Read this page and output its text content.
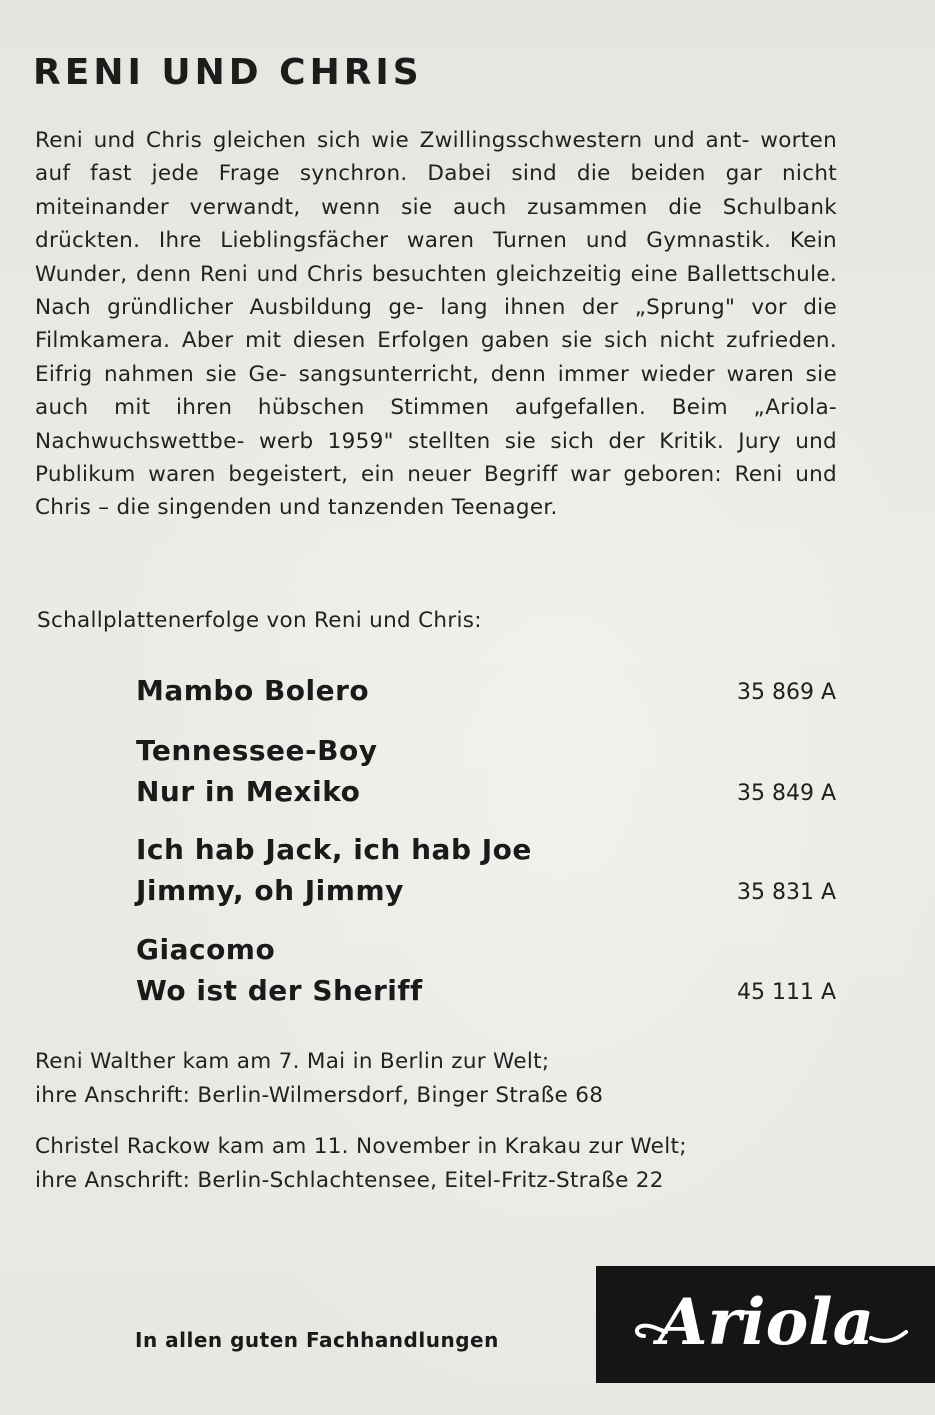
RENI UND CHRIS

Reni und Chris gleichen sich wie Zwillingsschwestern und ant- worten auf fast jede Frage synchron. Dabei sind die beiden gar nicht miteinander verwandt, wenn sie auch zusammen die Schulbank drückten. Ihre Lieblingsfächer waren Turnen und Gymnastik. Kein Wunder, denn Reni und Chris besuchten gleichzeitig eine Ballettschule. Nach gründlicher Ausbildung ge- lang ihnen der „Sprung" vor die Filmkamera. Aber mit diesen Erfolgen gaben sie sich nicht zufrieden. Eifrig nahmen sie Ge- sangsunterricht, denn immer wieder waren sie auch mit ihren hübschen Stimmen aufgefallen. Beim „Ariola-Nachwuchswettbe- werb 1959" stellten sie sich der Kritik. Jury und Publikum waren begeistert, ein neuer Begriff war geboren: Reni und Chris – die singenden und tanzenden Teenager.

Schallplattenerfolge von Reni und Chris:

Mambo Bolero	35 869 A
Tennessee-Boy
Nur in Mexiko	35 849 A
Ich hab Jack, ich hab Joe
Jimmy, oh Jimmy	35 831 A
Giacomo
Wo ist der Sheriff	45 111 A

Reni Walther kam am 7. Mai in Berlin zur Welt;
ihre Anschrift: Berlin-Wilmersdorf, Binger Straße 68

Christel Rackow kam am 11. November in Krakau zur Welt;
ihre Anschrift: Berlin-Schlachtensee, Eitel-Fritz-Straße 22

In allen guten Fachhandlungen Ariola
